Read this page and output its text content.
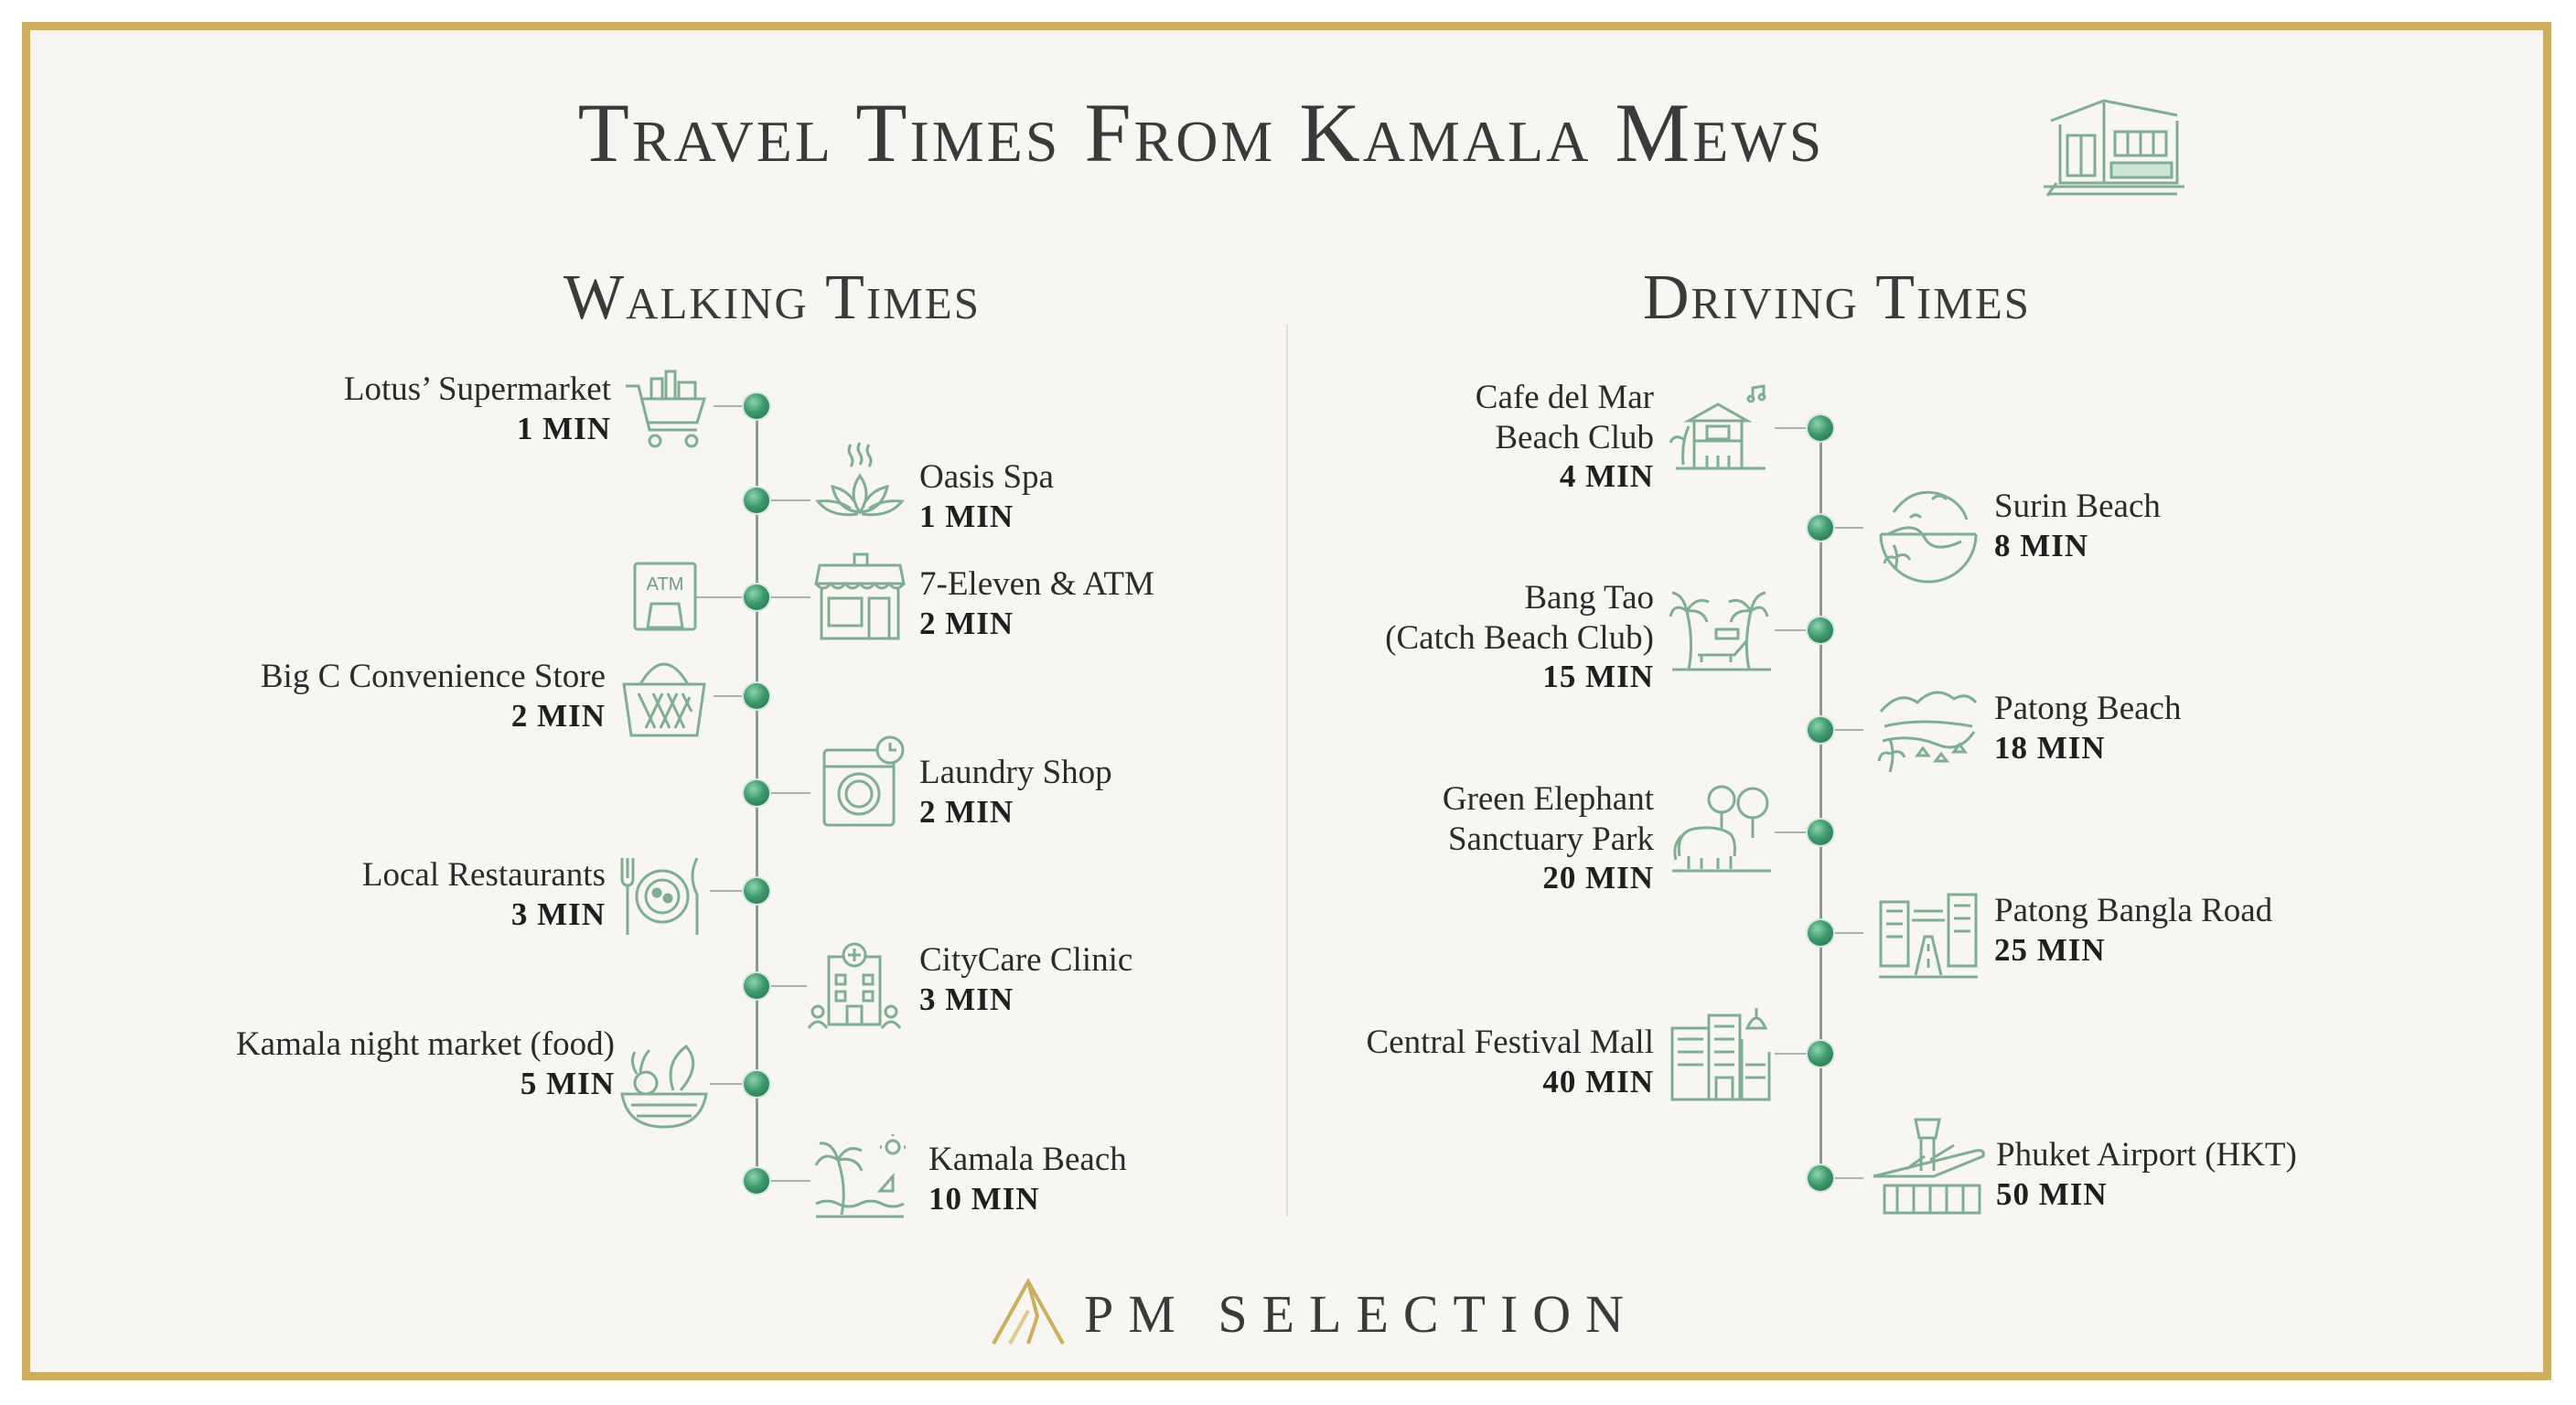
Travel Times From Kamala Mews
Walking Times	Driving Times
Lotus’ Supermarket
1 MIN
Oasis Spa
1 MIN
ATM	7-Eleven & ATM
2 MIN
Big C Convenience Store
2 MIN
Laundry Shop
2 MIN
Local Restaurants
3 MIN
CityCare Clinic
3 MIN
Kamala night market (food)
5 MIN
Kamala Beach
10 MIN
Cafe del Mar
Beach Club
4 MIN
Surin Beach
8 MIN
Bang Tao
(Catch Beach Club)
15 MIN
Patong Beach
18 MIN
Green Elephant
Sanctuary Park
20 MIN
Patong Bangla Road
25 MIN
Central Festival Mall
40 MIN
Phuket Airport (HKT)
50 MIN
PM SELECTION
